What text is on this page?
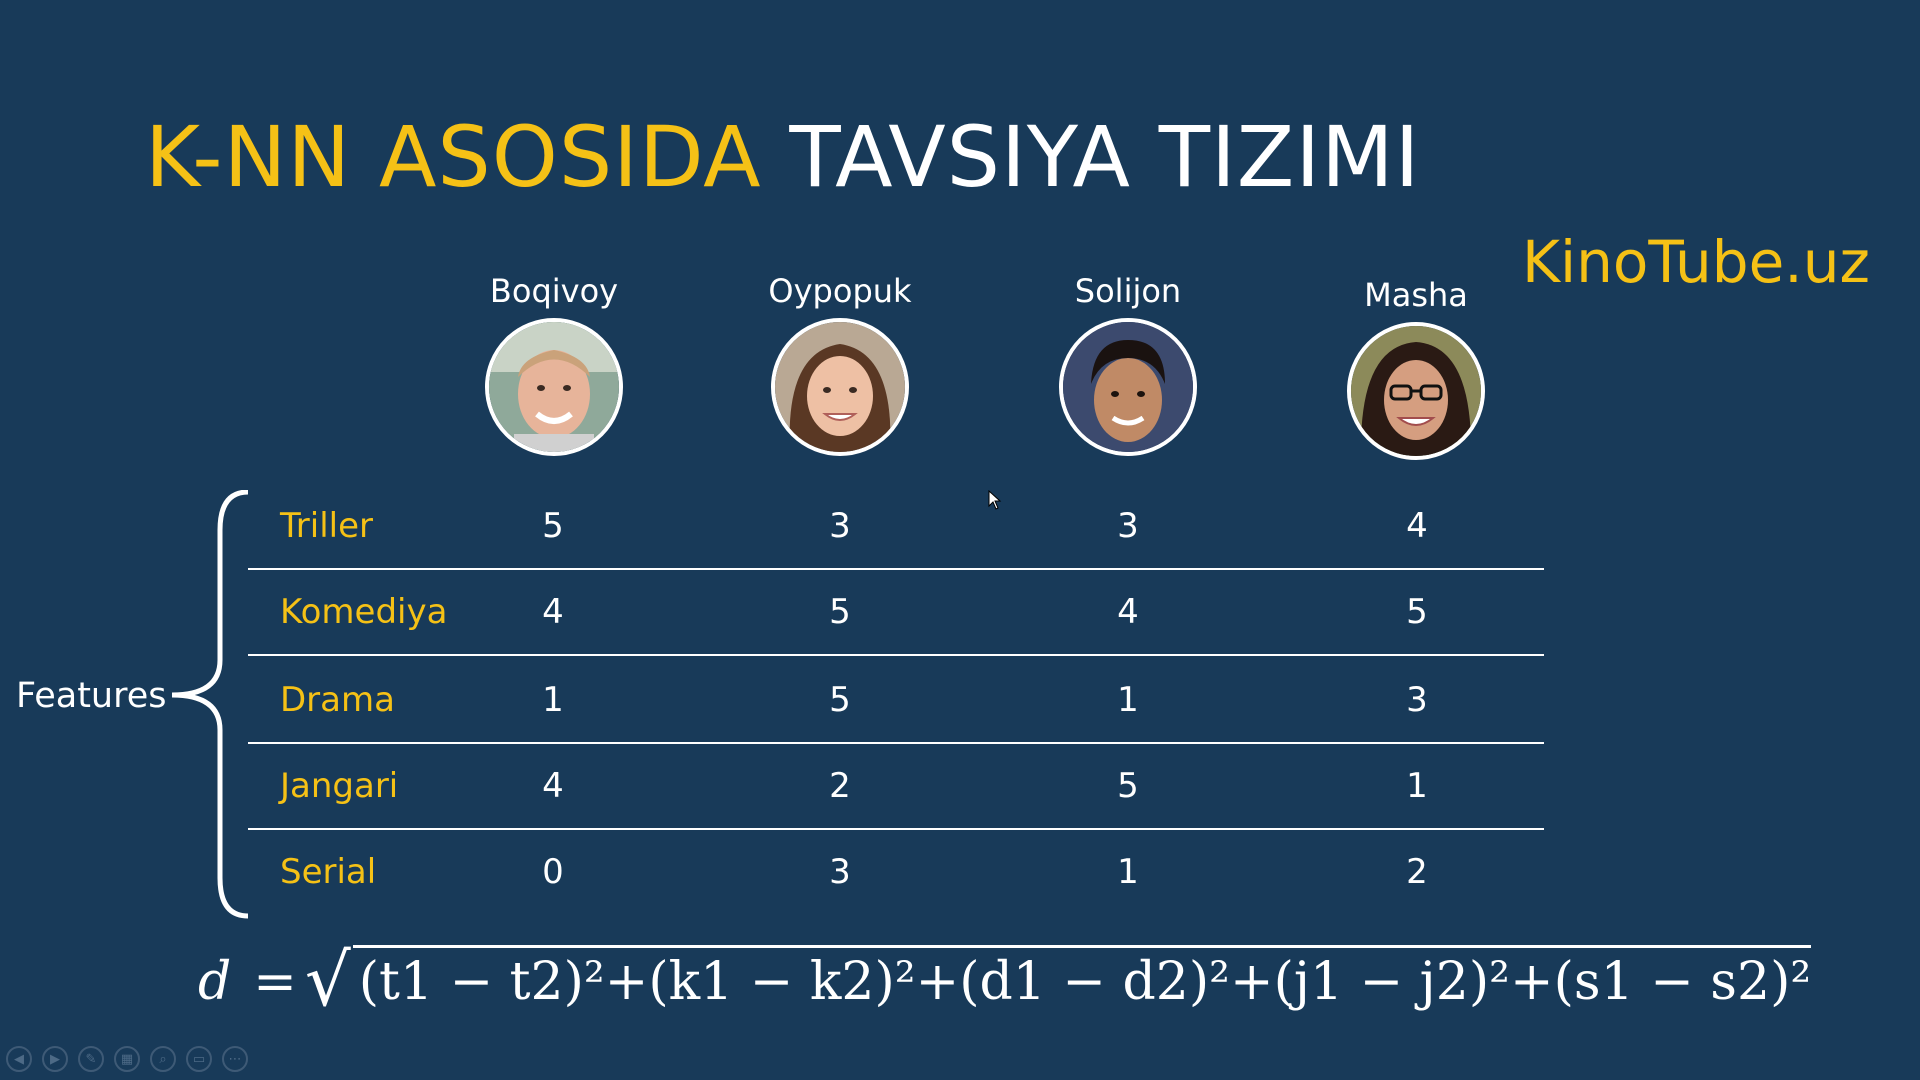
K-NN ASOSIDA TAVSIYA TIZIMI
KinoTube.uz
Boqivoy	Oypopuk	Solijon	Masha
Features
Triller	5	3	3	4
Komediya	4	5	4	5
Drama	1	5	1	3
Jangari	4	2	5	1
Serial	0	3	1	2
d = √ (t1 − t2)²+(k1 − k2)²+(d1 − d2)²+(j1 − j2)²+(s1 − s2)²
◀	▶	✎	▦	⌕	▭	⋯
